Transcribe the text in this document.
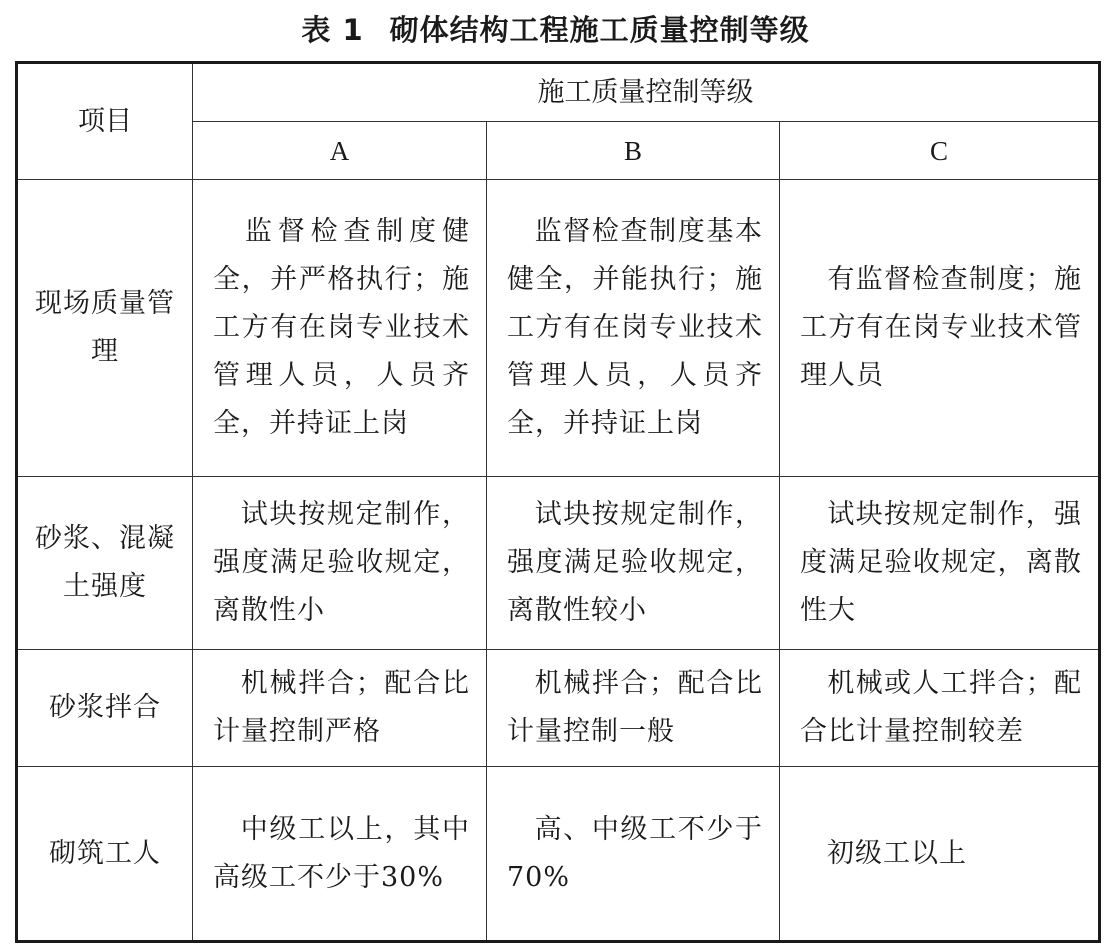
表 1 砌体结构工程施工质量控制等级
项目	施工质量控制等级		
	A	B	C
现场质量管理	监督检查制度健全，并严格执行；施工方有在岗专业技术管理人员，人员齐全，并持证上岗	监督检查制度基本健全，并能执行；施工方有在岗专业技术管理人员，人员齐全，并持证上岗	有监督检查制度；施工方有在岗专业技术管理人员
砂浆、混凝土强度	试块按规定制作，强度满足验收规定，离散性小	试块按规定制作，强度满足验收规定，离散性较小	试块按规定制作，强度满足验收规定，离散性大
砂浆拌合	机械拌合；配合比计量控制严格	机械拌合；配合比计量控制一般	机械或人工拌合；配合比计量控制较差
砌筑工人	中级工以上，其中高级工不少于30%	高、中级工不少于70%	初级工以上
